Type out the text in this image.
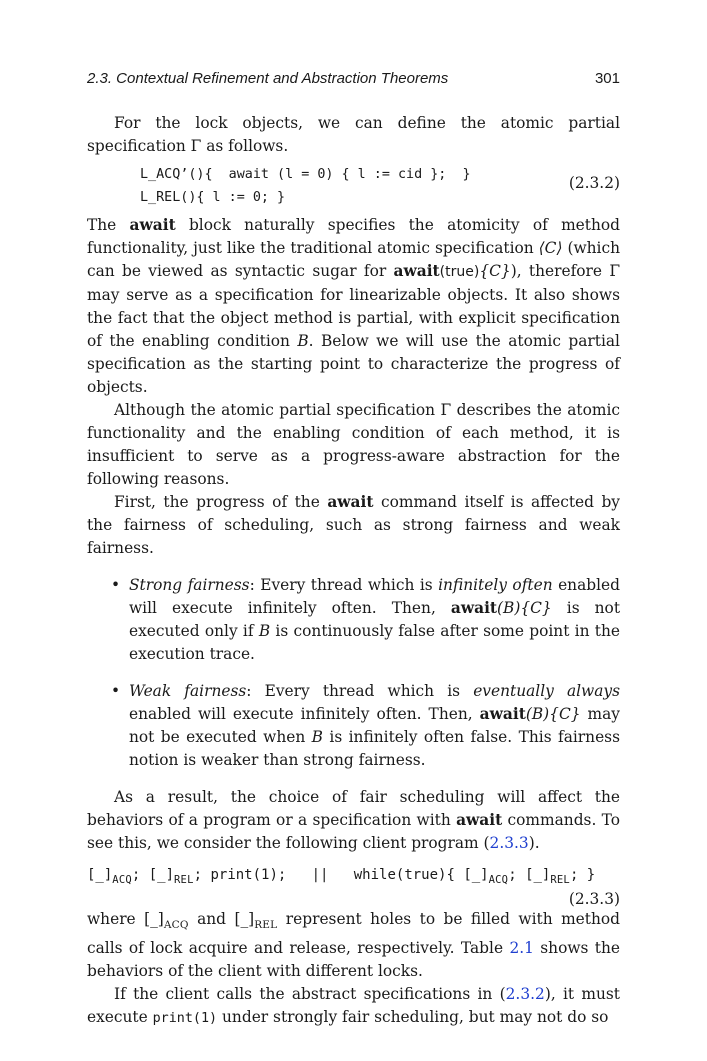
2.3. Contextual Refinement and Abstraction Theorems	301

For the lock objects, we can define the atomic partial specification Γ as follows.

L_ACQ’(){  await (l = 0) { l := cid };  }
L_REL(){ l := 0; }
(2.3.2)

The await block naturally specifies the atomicity of method functionality, just like the traditional atomic specification ⟨C⟩ (which can be viewed as syntactic sugar for await(true){C}), therefore Γ may serve as a specification for linearizable objects. It also shows the fact that the object method is partial, with explicit specification of the enabling condition B. Below we will use the atomic partial specification as the starting point to characterize the progress of objects.

Although the atomic partial specification Γ describes the atomic functionality and the enabling condition of each method, it is insufficient to serve as a progress-aware abstraction for the following reasons.

First, the progress of the await command itself is affected by the fairness of scheduling, such as strong fairness and weak fairness.

• Strong fairness: Every thread which is infinitely often enabled will execute infinitely often. Then, await(B){C} is not executed only if B is continuously false after some point in the execution trace.
• Weak fairness: Every thread which is eventually always enabled will execute infinitely often. Then, await(B){C} may not be executed when B is infinitely often false. This fairness notion is weaker than strong fairness.

As a result, the choice of fair scheduling will affect the behaviors of a program or a specification with await commands. To see this, we consider the following client program (2.3.3).

$[\_]_{ACQ}$; $[\_]_{REL}$; print(1);   ||   while(true){ $[\_]_{ACQ}$; $[\_]_{REL}$; }
(2.3.3)

where $[\_]_{ACQ}$ and $[\_]_{REL}$ represent holes to be filled with method calls of lock acquire and release, respectively. Table 2.1 shows the behaviors of the client with different locks.

If the client calls the abstract specifications in (2.3.2), it must execute print(1) under strongly fair scheduling, but may not do so
